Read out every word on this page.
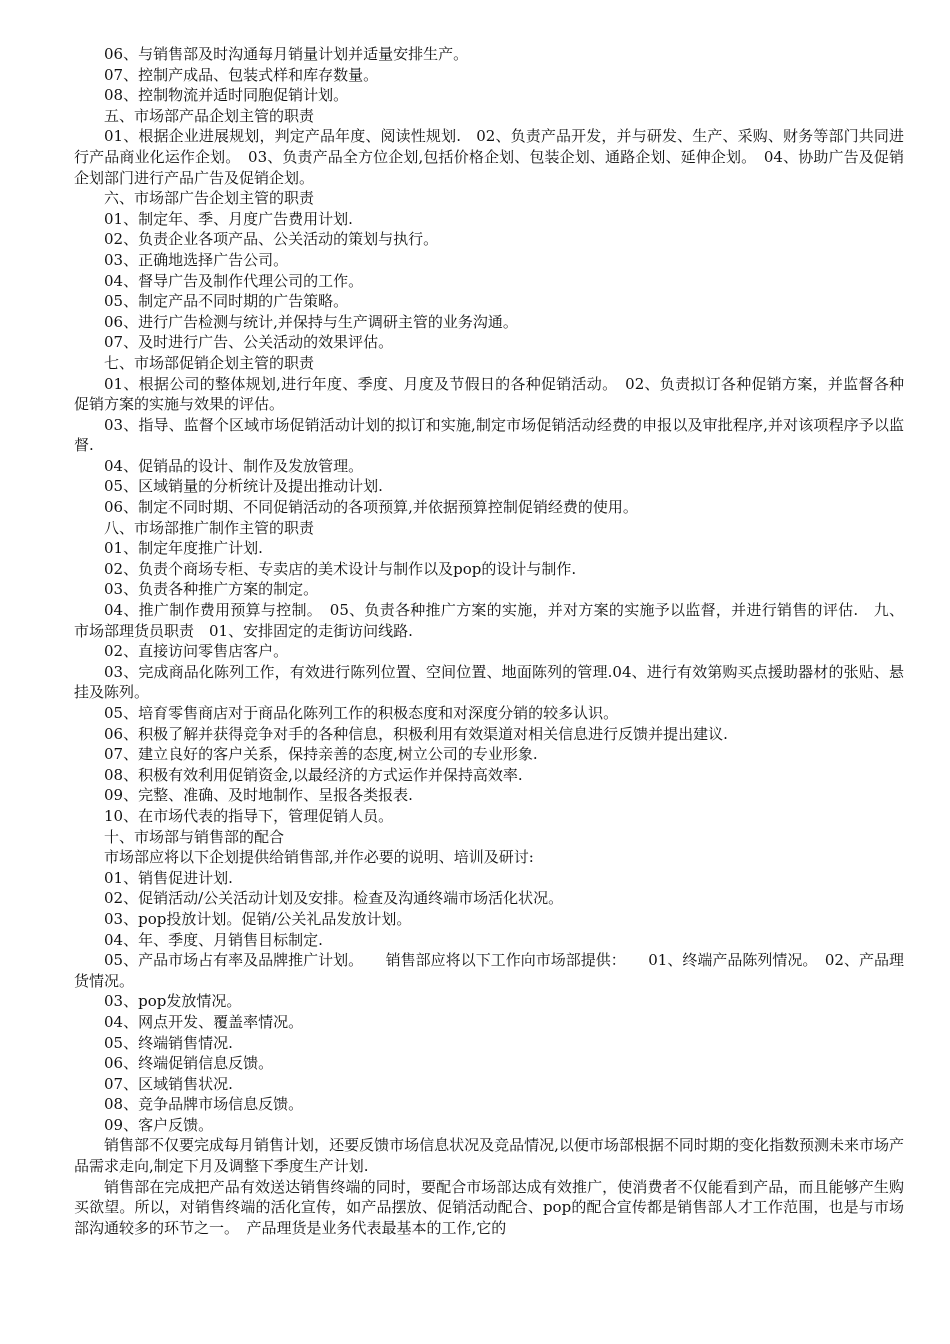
06、与销售部及时沟通每月销量计划并适量安排生产。

07、控制产成品、包装式样和库存数量。

08、控制物流并适时同胞促销计划。

五、市场部产品企划主管的职责

01、根据企业进展规划，判定产品年度、阅读性规划.　02、负责产品开发，并与研发、生产、采购、财务等部门共同进行产品商业化运作企划。　03、负责产品全方位企划,包括价格企划、包装企划、通路企划、延伸企划。　04、协助广告及促销企划部门进行产品广告及促销企划。

六、市场部广告企划主管的职责

01、制定年、季、月度广告费用计划.

02、负责企业各项产品、公关活动的策划与执行。

03、正确地选择广告公司。

04、督导广告及制作代理公司的工作。

05、制定产品不同时期的广告策略。

06、进行广告检测与统计,并保持与生产调研主管的业务沟通。

07、及时进行广告、公关活动的效果评估。

七、市场部促销企划主管的职责

01、根据公司的整体规划,进行年度、季度、月度及节假日的各种促销活动。　02、负责拟订各种促销方案，并监督各种促销方案的实施与效果的评估。

03、指导、监督个区域市场促销活动计划的拟订和实施,制定市场促销活动经费的申报以及审批程序,并对该项程序予以监督.

04、促销品的设计、制作及发放管理。

05、区域销量的分析统计及提出推动计划.

06、制定不同时期、不同促销活动的各项预算,并依据预算控制促销经费的使用。

八、市场部推广制作主管的职责

01、制定年度推广计划.

02、负责个商场专柜、专卖店的美术设计与制作以及pop的设计与制作.

03、负责各种推广方案的制定。

04、推广制作费用预算与控制。　05、负责各种推广方案的实施，并对方案的实施予以监督，并进行销售的评估.　九、市场部理货员职责　01、安排固定的走街访问线路.

02、直接访问零售店客户。

03、完成商品化陈列工作，有效进行陈列位置、空间位置、地面陈列的管理.04、进行有效第购买点援助器材的张贴、悬挂及陈列。

05、培育零售商店对于商品化陈列工作的积极态度和对深度分销的较多认识。

06、积极了解并获得竞争对手的各种信息，积极利用有效渠道对相关信息进行反馈并提出建议.

07、建立良好的客户关系，保持亲善的态度,树立公司的专业形象.

08、积极有效利用促销资金,以最经济的方式运作并保持高效率.

09、完整、准确、及时地制作、呈报各类报表.

10、在市场代表的指导下，管理促销人员。

十、市场部与销售部的配合

市场部应将以下企划提供给销售部,并作必要的说明、培训及研讨:

01、销售促进计划.

02、促销活动/公关活动计划及安排。检查及沟通终端市场活化状况。

03、pop投放计划。促销/公关礼品发放计划。

04、年、季度、月销售目标制定.

05、产品市场占有率及品牌推广计划。　　销售部应将以下工作向市场部提供：　　01、终端产品陈列情况。　02、产品理货情况。

03、pop发放情况。

04、网点开发、覆盖率情况。

05、终端销售情况.

06、终端促销信息反馈。

07、区域销售状况.

08、竞争品牌市场信息反馈。

09、客户反馈。

销售部不仅要完成每月销售计划，还要反馈市场信息状况及竞品情况,以便市场部根据不同时期的变化指数预测未来市场产品需求走向,制定下月及调整下季度生产计划.

销售部在完成把产品有效送达销售终端的同时，要配合市场部达成有效推广，使消费者不仅能看到产品，而且能够产生购买欲望。所以，对销售终端的活化宣传，如产品摆放、促销活动配合、pop的配合宣传都是销售部人才工作范围，也是与市场部沟通较多的环节之一。　产品理货是业务代表最基本的工作,它的
